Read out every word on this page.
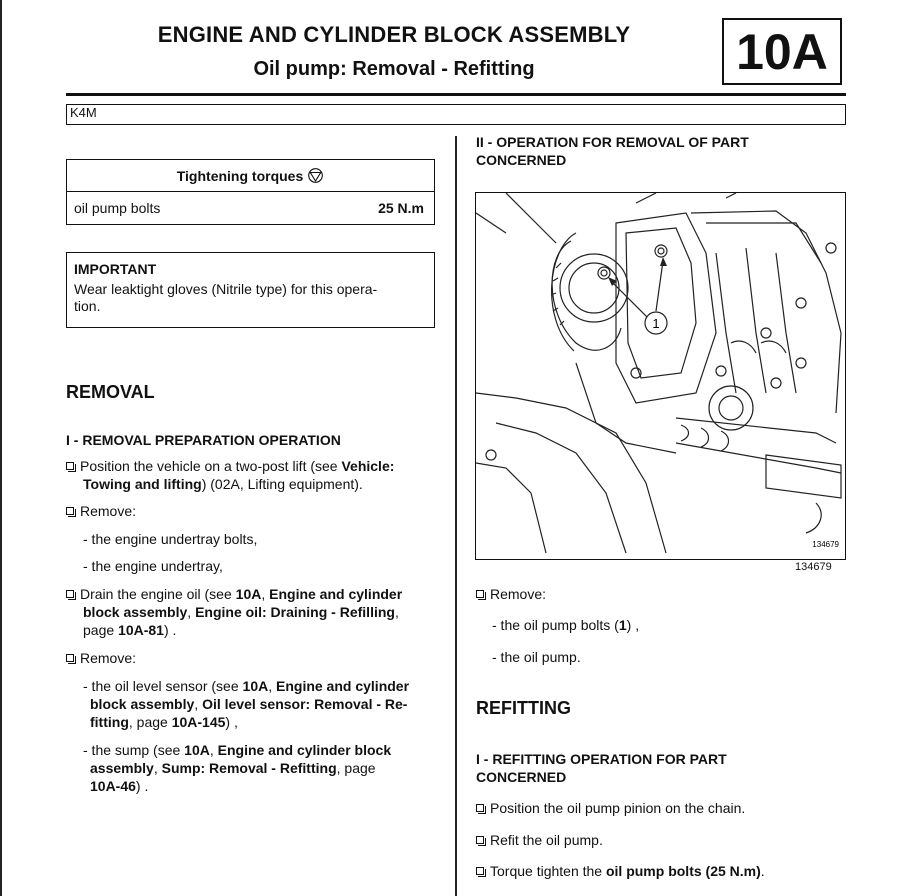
ENGINE AND CYLINDER BLOCK ASSEMBLY
Oil pump: Removal - Refitting	10A
K4M
Tightening torques
oil pump bolts	25 N.m
IMPORTANT
Wear leaktight gloves (Nitrile type) for this opera-
tion.
REMOVAL
I - REMOVAL PREPARATION OPERATION
Position the vehicle on a two-post lift (see Vehicle:
Towing and lifting) (02A, Lifting equipment).
Remove:
- the engine undertray bolts,
- the engine undertray,
Drain the engine oil (see 10A, Engine and cylinder
block assembly, Engine oil: Draining - Refilling,
page 10A-81) .
Remove:
- the oil level sensor (see 10A, Engine and cylinder
block assembly, Oil level sensor: Removal - Re-
fitting, page 10A-145) ,
- the sump (see 10A, Engine and cylinder block
assembly, Sump: Removal - Refitting, page
10A-46) .
II - OPERATION FOR REMOVAL OF PART
CONCERNED
1
134679
134679
Remove:
- the oil pump bolts (1) ,
- the oil pump.
REFITTING
I - REFITTING OPERATION FOR PART
CONCERNED
Position the oil pump pinion on the chain.
Refit the oil pump.
Torque tighten the oil pump bolts (25 N.m).
